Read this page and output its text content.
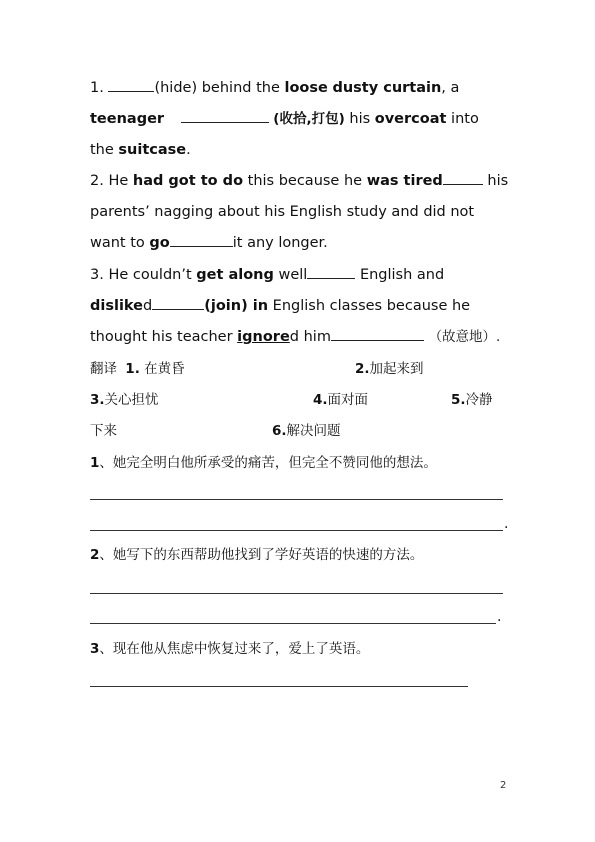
1.	(hide) behind the loose dusty curtain, a
teenager	(收拾,打包) his overcoat into
the suitcase.
2. He had got to do this because he was tired	his
parents’ nagging about his English study and did not
want to go	it any longer.
3. He couldn’t get along well	English and
disliked	(join) in English classes because he
thought his teacher ignored him	（故意地）.
翻译 1. 在黄昏	2.加起来到
3.关心担忧	4.面对面	5.冷静
下来	6.解决问题
1、她完全明白他所承受的痛苦，但完全不赞同他的想法。
.
2、她写下的东西帮助他找到了学好英语的快速的方法。
.
3、现在他从焦虑中恢复过来了，爱上了英语。
2
